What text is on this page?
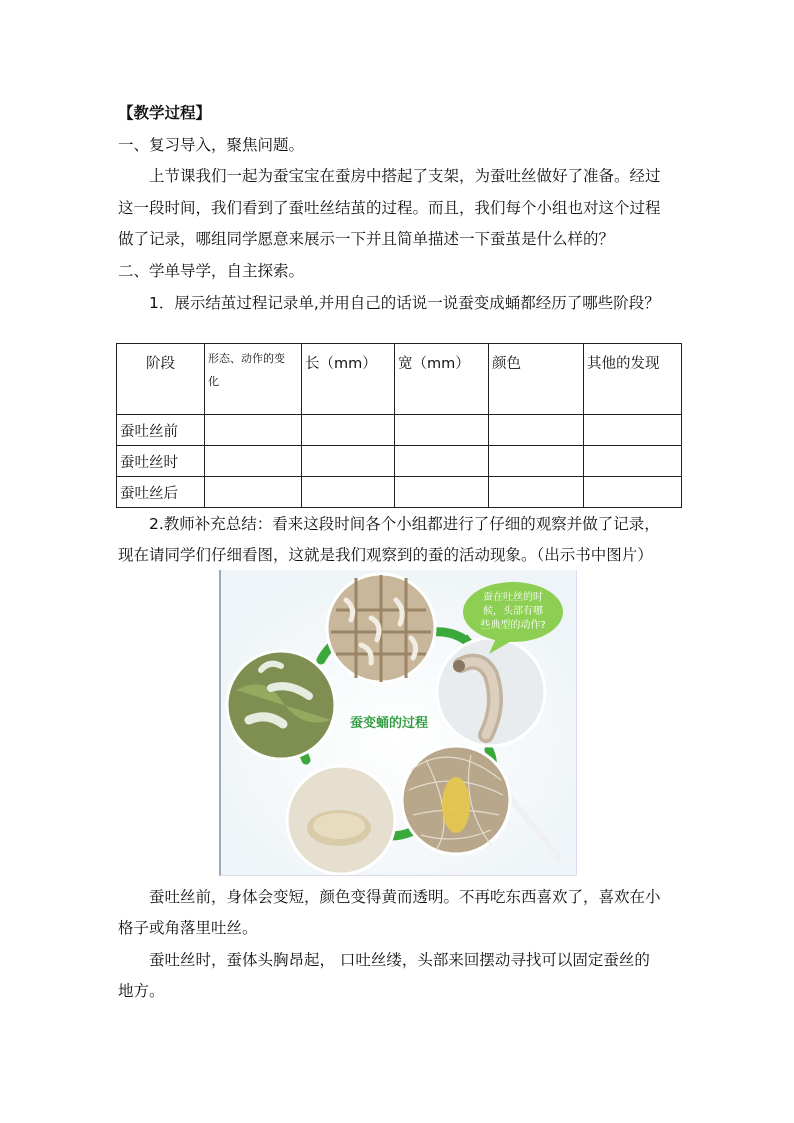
【教学过程】
一、复习导入，聚焦问题。
上节课我们一起为蚕宝宝在蚕房中搭起了支架，为蚕吐丝做好了准备。经过
这一段时间，我们看到了蚕吐丝结茧的过程。而且，我们每个小组也对这个过程
做了记录，哪组同学愿意来展示一下并且简单描述一下蚕茧是什么样的？
二、学单导学，自主探索。
1．展示结茧过程记录单,并用自己的话说一说蚕变成蛹都经历了哪些阶段？
阶段	形态、动作的变
化	长（mm）	宽（mm）	颜色	其他的发现
蚕吐丝前					
蚕吐丝时					
蚕吐丝后					
2.教师补充总结：看来这段时间各个小组都进行了仔细的观察并做了记录，
现在请同学们仔细看图，这就是我们观察到的蚕的活动现象。（出示书中图片）
蚕在吐丝的时
候，头部有哪
些典型的动作?
蚕变蛹的过程
蚕吐丝前，身体会变短，颜色变得黄而透明。不再吃东西喜欢了，喜欢在小
格子或角落里吐丝。
蚕吐丝时，蚕体头胸昂起， 口吐丝缕，头部来回摆动寻找可以固定蚕丝的
地方。
